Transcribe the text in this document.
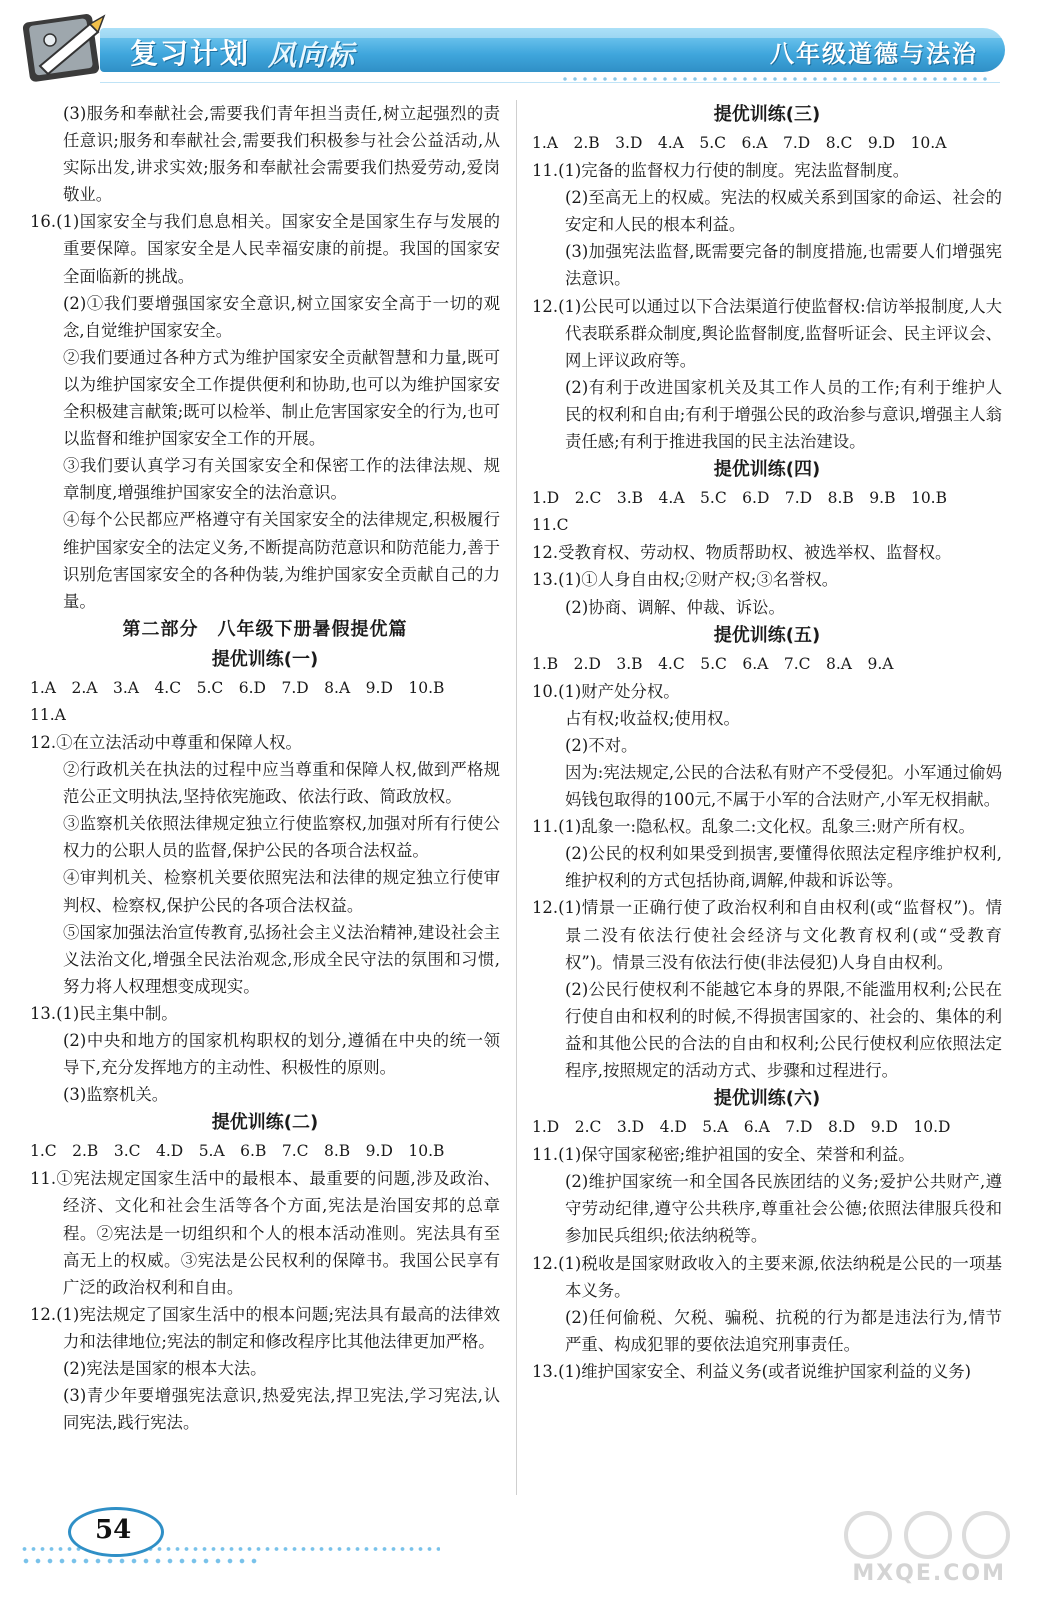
复习计划 风向标	八年级道德与法治

(3)服务和奉献社会,需要我们青年担当责任,树立起强烈的责任意识;服务和奉献社会,需要我们积极参与社会公益活动,从实际出发,讲求实效;服务和奉献社会需要我们热爱劳动,爱岗敬业。

16.(1)国家安全与我们息息相关。国家安全是国家生存与发展的重要保障。国家安全是人民幸福安康的前提。我国的国家安全面临新的挑战。

(2)①我们要增强国家安全意识,树立国家安全高于一切的观念,自觉维护国家安全。

②我们要通过各种方式为维护国家安全贡献智慧和力量,既可以为维护国家安全工作提供便利和协助,也可以为维护国家安全积极建言献策;既可以检举、制止危害国家安全的行为,也可以监督和维护国家安全工作的开展。

③我们要认真学习有关国家安全和保密工作的法律法规、规章制度,增强维护国家安全的法治意识。

④每个公民都应严格遵守有关国家安全的法律规定,积极履行维护国家安全的法定义务,不断提高防范意识和防范能力,善于识别危害国家安全的各种伪装,为维护国家安全贡献自己的力量。

第二部分　八年级下册暑假提优篇

提优训练(一)

1.A　2.A　3.A　4.C　5.C　6.D　7.D　8.A　9.D　10.B

11.A

12.①在立法活动中尊重和保障人权。

②行政机关在执法的过程中应当尊重和保障人权,做到严格规范公正文明执法,坚持依宪施政、依法行政、简政放权。

③监察机关依照法律规定独立行使监察权,加强对所有行使公权力的公职人员的监督,保护公民的各项合法权益。

④审判机关、检察机关要依照宪法和法律的规定独立行使审判权、检察权,保护公民的各项合法权益。

⑤国家加强法治宣传教育,弘扬社会主义法治精神,建设社会主义法治文化,增强全民法治观念,形成全民守法的氛围和习惯,努力将人权理想变成现实。

13.(1)民主集中制。

(2)中央和地方的国家机构职权的划分,遵循在中央的统一领导下,充分发挥地方的主动性、积极性的原则。

(3)监察机关。

提优训练(二)

1.C　2.B　3.C　4.D　5.A　6.B　7.C　8.B　9.D　10.B

11.①宪法规定国家生活中的最根本、最重要的问题,涉及政治、经济、文化和社会生活等各个方面,宪法是治国安邦的总章程。②宪法是一切组织和个人的根本活动准则。宪法具有至高无上的权威。③宪法是公民权利的保障书。我国公民享有广泛的政治权利和自由。

12.(1)宪法规定了国家生活中的根本问题;宪法具有最高的法律效力和法律地位;宪法的制定和修改程序比其他法律更加严格。

(2)宪法是国家的根本大法。

(3)青少年要增强宪法意识,热爱宪法,捍卫宪法,学习宪法,认同宪法,践行宪法。

提优训练(三)

1.A　2.B　3.D　4.A　5.C　6.A　7.D　8.C　9.D　10.A

11.(1)完备的监督权力行使的制度。宪法监督制度。

(2)至高无上的权威。宪法的权威关系到国家的命运、社会的安定和人民的根本利益。

(3)加强宪法监督,既需要完备的制度措施,也需要人们增强宪法意识。

12.(1)公民可以通过以下合法渠道行使监督权:信访举报制度,人大代表联系群众制度,舆论监督制度,监督听证会、民主评议会、网上评议政府等。

(2)有利于改进国家机关及其工作人员的工作;有利于维护人民的权利和自由;有利于增强公民的政治参与意识,增强主人翁责任感;有利于推进我国的民主法治建设。

提优训练(四)

1.D　2.C　3.B　4.A　5.C　6.D　7.D　8.B　9.B　10.B

11.C

12.受教育权、劳动权、物质帮助权、被选举权、监督权。

13.(1)①人身自由权;②财产权;③名誉权。

(2)协商、调解、仲裁、诉讼。

提优训练(五)

1.B　2.D　3.B　4.C　5.C　6.A　7.C　8.A　9.A

10.(1)财产处分权。

占有权;收益权;使用权。

(2)不对。

因为:宪法规定,公民的合法私有财产不受侵犯。小军通过偷妈妈钱包取得的100元,不属于小军的合法财产,小军无权捐献。

11.(1)乱象一:隐私权。乱象二:文化权。乱象三:财产所有权。

(2)公民的权利如果受到损害,要懂得依照法定程序维护权利,维护权利的方式包括协商,调解,仲裁和诉讼等。

12.(1)情景一正确行使了政治权利和自由权利(或“监督权”)。情景二没有依法行使社会经济与文化教育权利(或“受教育权”)。情景三没有依法行使(非法侵犯)人身自由权利。

(2)公民行使权利不能越它本身的界限,不能滥用权利;公民在行使自由和权利的时候,不得损害国家的、社会的、集体的利益和其他公民的合法的自由和权利;公民行使权利应依照法定程序,按照规定的活动方式、步骤和过程进行。

提优训练(六)

1.D　2.C　3.D　4.D　5.A　6.A　7.D　8.D　9.D　10.D

11.(1)保守国家秘密;维护祖国的安全、荣誉和利益。

(2)维护国家统一和全国各民族团结的义务;爱护公共财产,遵守劳动纪律,遵守公共秩序,尊重社会公德;依照法律服兵役和参加民兵组织;依法纳税等。

12.(1)税收是国家财政收入的主要来源,依法纳税是公民的一项基本义务。

(2)任何偷税、欠税、骗税、抗税的行为都是违法行为,情节严重、构成犯罪的要依法追究刑事责任。

13.(1)维护国家安全、利益义务(或者说维护国家利益的义务)

54
MXQE.COM
